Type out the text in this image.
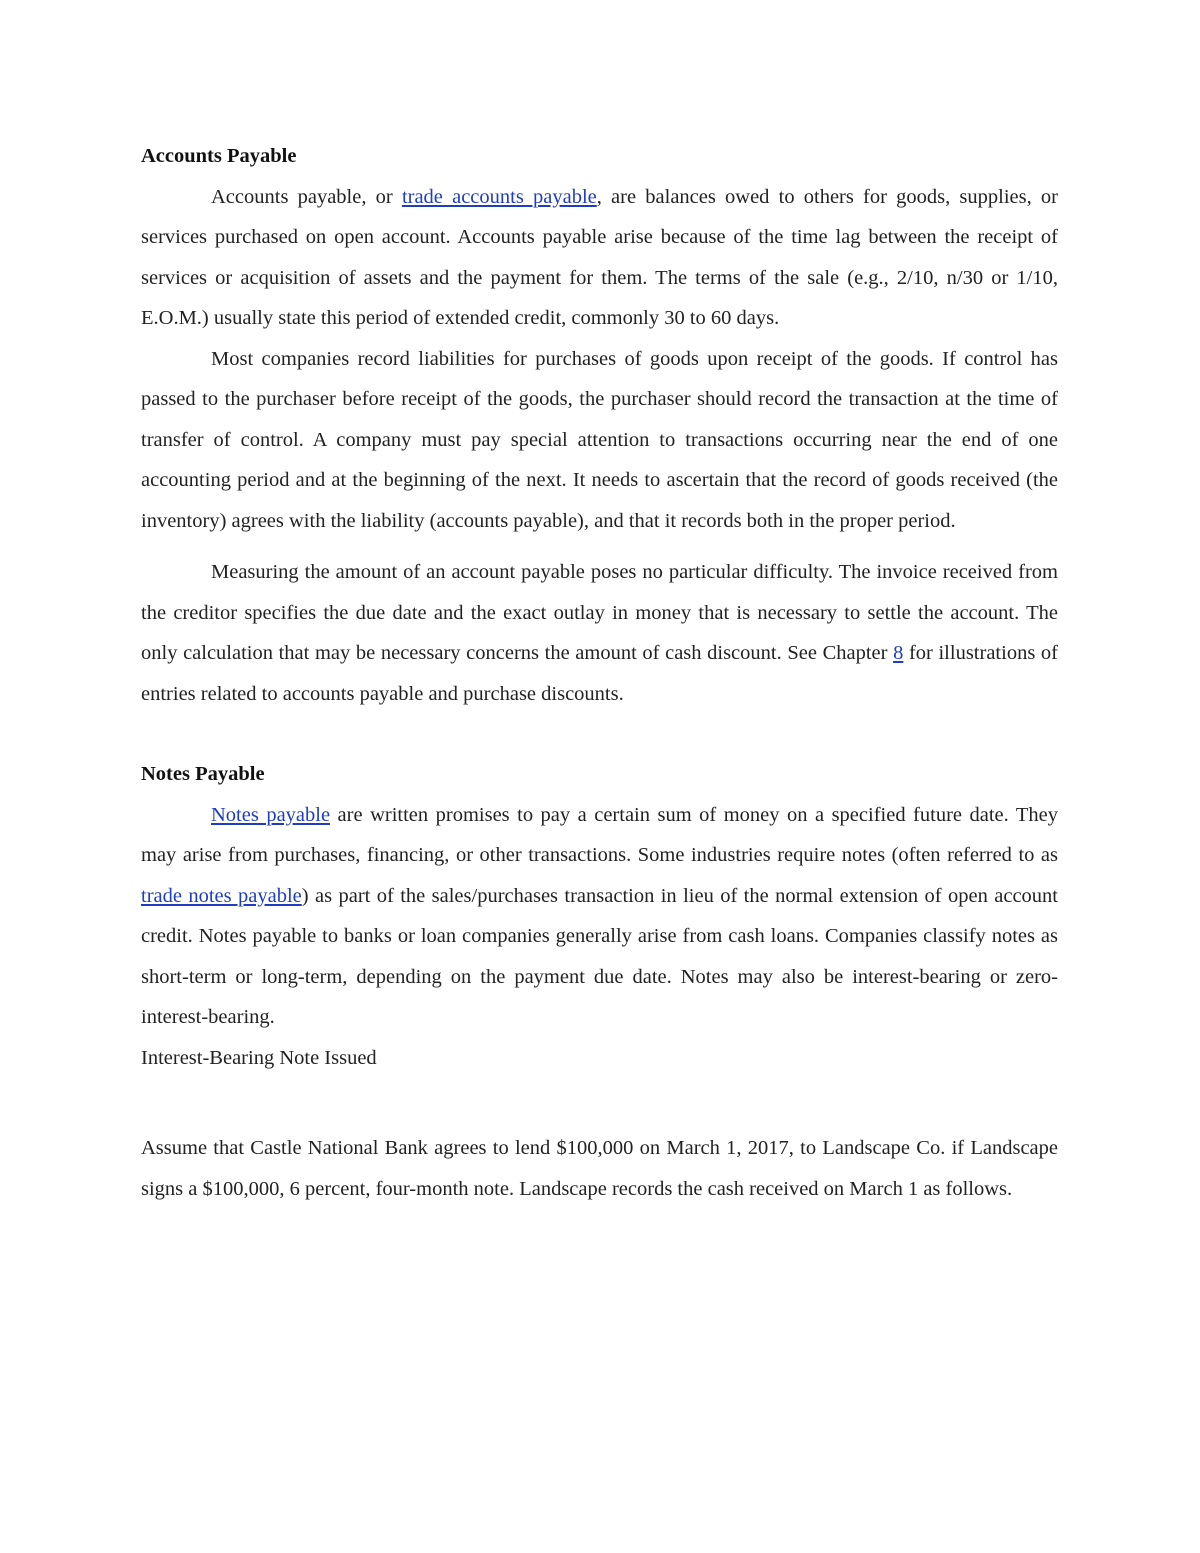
Accounts Payable

Accounts payable, or trade accounts payable, are balances owed to others for goods, supplies, or services purchased on open account. Accounts payable arise because of the time lag between the receipt of services or acquisition of assets and the payment for them. The terms of the sale (e.g., 2/10, n/30 or 1/10, E.O.M.) usually state this period of extended credit, commonly 30 to 60 days.

Most companies record liabilities for purchases of goods upon receipt of the goods. If control has passed to the purchaser before receipt of the goods, the purchaser should record the transaction at the time of transfer of control. A company must pay special attention to transactions occurring near the end of one accounting period and at the beginning of the next. It needs to ascertain that the record of goods received (the inventory) agrees with the liability (accounts payable), and that it records both in the proper period.

Measuring the amount of an account payable poses no particular difficulty. The invoice received from the creditor specifies the due date and the exact outlay in money that is necessary to settle the account. The only calculation that may be necessary concerns the amount of cash discount. See Chapter 8 for illustrations of entries related to accounts payable and purchase discounts.

Notes Payable

Notes payable are written promises to pay a certain sum of money on a specified future date. They may arise from purchases, financing, or other transactions. Some industries require notes (often referred to as trade notes payable) as part of the sales/purchases transaction in lieu of the normal extension of open account credit. Notes payable to banks or loan companies generally arise from cash loans. Companies classify notes as short-term or long-term, depending on the payment due date. Notes may also be interest-bearing or zero-interest-bearing.

Interest-Bearing Note Issued

Assume that Castle National Bank agrees to lend $100,000 on March 1, 2017, to Landscape Co. if Landscape signs a $100,000, 6 percent, four-month note. Landscape records the cash received on March 1 as follows.
